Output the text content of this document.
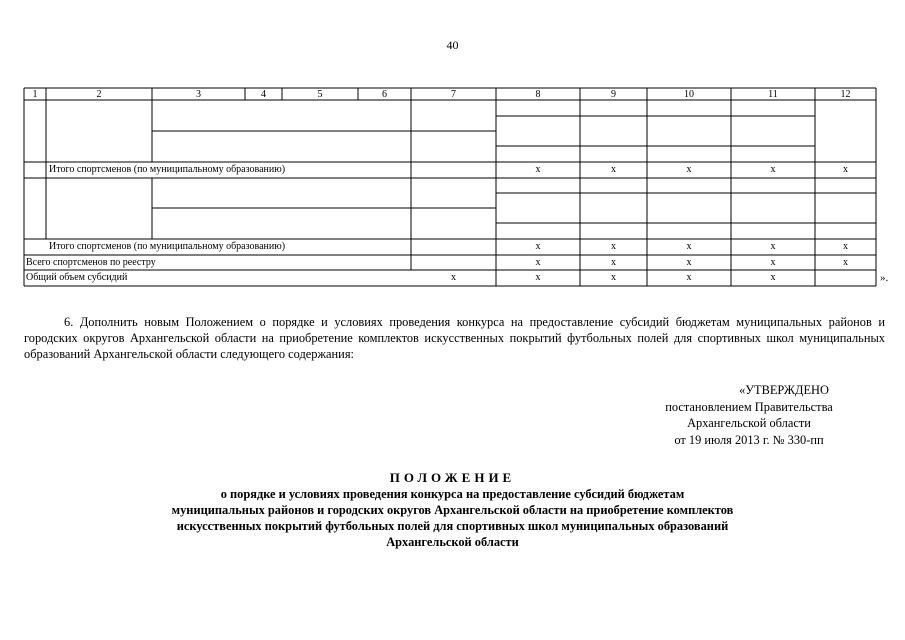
40
1	2	3	4	5	6	7	8	9	10	11	12
Итого спортсменов (по муниципальному образованию)	x	x	x	x	x
Итого спортсменов (по муниципальному образованию)	x	x	x	x	x
Всего спортсменов по реестру	x	x	x	x	x
Общий объем субсидий	x	x	x	x	x	».
6. Дополнить новым Положением о порядке и условиях проведения конкурса на предоставление субсидий бюджетам муниципальных районов и городских округов Архангельской области на приобретение комплектов искусственных покрытий футбольных полей для спортивных школ муниципальных образований Архангельской области следующего содержания:
«УТВЕРЖДЕНО
постановлением Правительства
Архангельской области
от 19 июля 2013 г. № 330-пп
ПОЛОЖЕНИЕ
о порядке и условиях проведения конкурса на предоставление субсидий бюджетам
муниципальных районов и городских округов Архангельской области на приобретение комплектов
искусственных покрытий футбольных полей для спортивных школ муниципальных образований
Архангельской области
